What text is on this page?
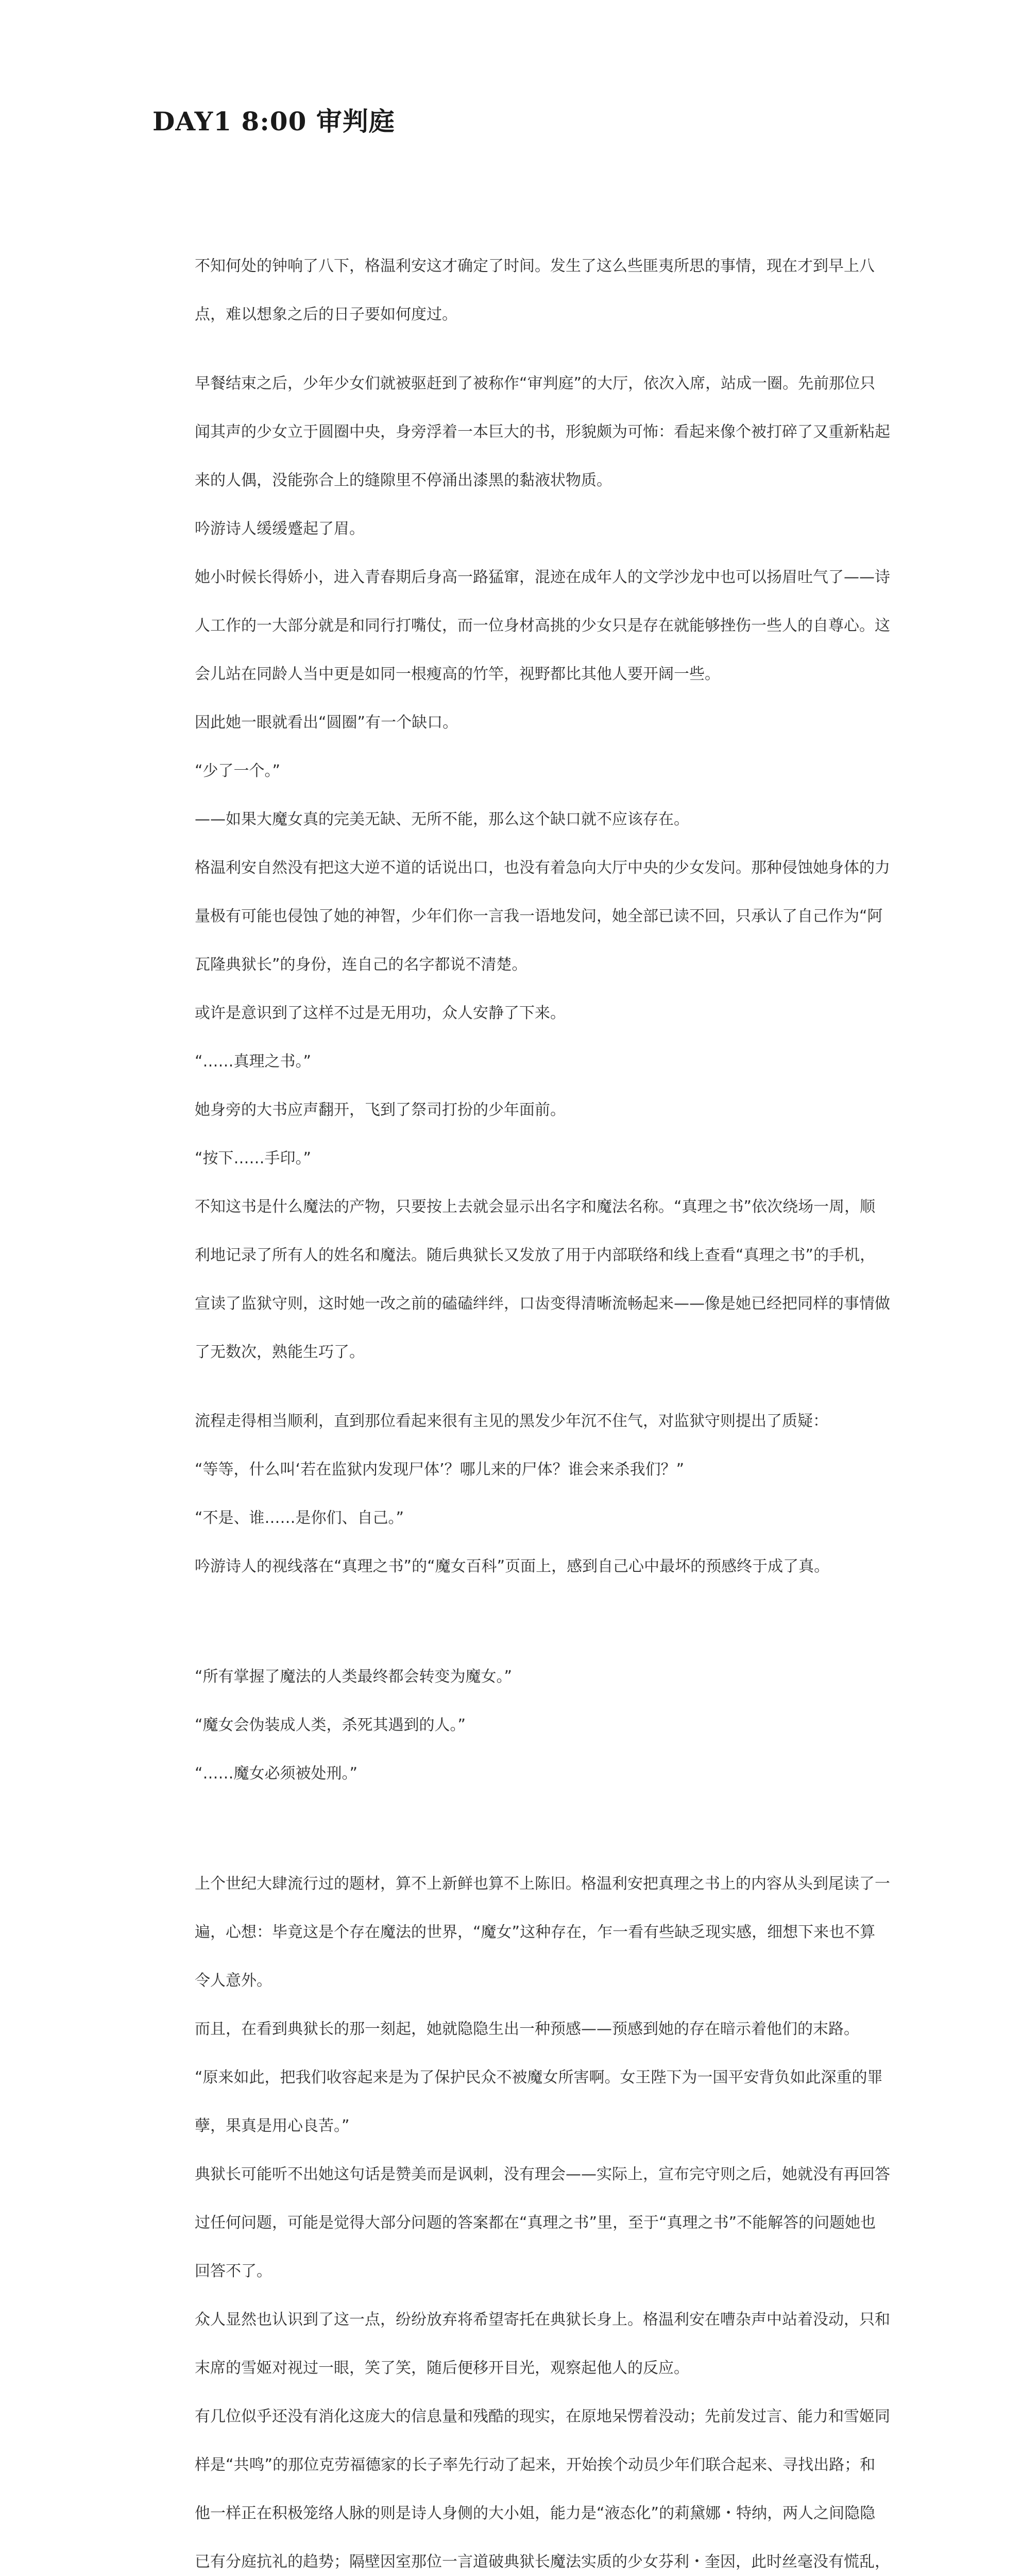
DAY1 8:00 审判庭

不知何处的钟响了八下，格温利安这才确定了时间。发生了这么些匪夷所思的事情，现在才到早上八点，难以想象之后的日子要如何度过。

早餐结束之后，少年少女们就被驱赶到了被称作“审判庭”的大厅，依次入席，站成一圈。先前那位只闻其声的少女立于圆圈中央，身旁浮着一本巨大的书，形貌颇为可怖：看起来像个被打碎了又重新粘起来的人偶，没能弥合上的缝隙里不停涌出漆黑的黏液状物质。

吟游诗人缓缓蹙起了眉。

她小时候长得娇小，进入青春期后身高一路猛窜，混迹在成年人的文学沙龙中也可以扬眉吐气了——诗人工作的一大部分就是和同行打嘴仗，而一位身材高挑的少女只是存在就能够挫伤一些人的自尊心。这会儿站在同龄人当中更是如同一根瘦高的竹竿，视野都比其他人要开阔一些。

因此她一眼就看出“圆圈”有一个缺口。

“少了一个。”

——如果大魔女真的完美无缺、无所不能，那么这个缺口就不应该存在。

格温利安自然没有把这大逆不道的话说出口，也没有着急向大厅中央的少女发问。那种侵蚀她身体的力量极有可能也侵蚀了她的神智，少年们你一言我一语地发问，她全部已读不回，只承认了自己作为“阿瓦隆典狱长”的身份，连自己的名字都说不清楚。

或许是意识到了这样不过是无用功，众人安静了下来。

“……真理之书。”

她身旁的大书应声翻开，飞到了祭司打扮的少年面前。

“按下……手印。”

不知这书是什么魔法的产物，只要按上去就会显示出名字和魔法名称。“真理之书”依次绕场一周，顺利地记录了所有人的姓名和魔法。随后典狱长又发放了用于内部联络和线上查看“真理之书”的手机，宣读了监狱守则，这时她一改之前的磕磕绊绊，口齿变得清晰流畅起来——像是她已经把同样的事情做了无数次，熟能生巧了。

流程走得相当顺利，直到那位看起来很有主见的黑发少年沉不住气，对监狱守则提出了质疑：

“等等，什么叫‘若在监狱内发现尸体’？哪儿来的尸体？谁会来杀我们？”

“不是、谁……是你们、自己。”

吟游诗人的视线落在“真理之书”的“魔女百科”页面上，感到自己心中最坏的预感终于成了真。

“所有掌握了魔法的人类最终都会转变为魔女。”

“魔女会伪装成人类，杀死其遇到的人。”

“……魔女必须被处刑。”

上个世纪大肆流行过的题材，算不上新鲜也算不上陈旧。格温利安把真理之书上的内容从头到尾读了一遍，心想：毕竟这是个存在魔法的世界，“魔女”这种存在，乍一看有些缺乏现实感，细想下来也不算令人意外。

而且，在看到典狱长的那一刻起，她就隐隐生出一种预感——预感到她的存在暗示着他们的末路。

“原来如此，把我们收容起来是为了保护民众不被魔女所害啊。女王陛下为一国平安背负如此深重的罪孽，果真是用心良苦。”

典狱长可能听不出她这句话是赞美而是讽刺，没有理会——实际上，宣布完守则之后，她就没有再回答过任何问题，可能是觉得大部分问题的答案都在“真理之书”里，至于“真理之书”不能解答的问题她也回答不了。

众人显然也认识到了这一点，纷纷放弃将希望寄托在典狱长身上。格温利安在嘈杂声中站着没动，只和末席的雪姬对视过一眼，笑了笑，随后便移开目光，观察起他人的反应。

有几位似乎还没有消化这庞大的信息量和残酷的现实，在原地呆愣着没动；先前发过言、能力和雪姬同样是“共鸣”的那位克劳福德家的长子率先行动了起来，开始挨个动员少年们联合起来、寻找出路；和他一样正在积极笼络人脉的则是诗人身侧的大小姐，能力是“液态化”的莉黛娜・特纳，两人之间隐隐已有分庭抗礼的趋势；隔壁因室那位一言道破典狱长魔法实质的少女芬利・奎因，此时丝毫没有慌乱，
